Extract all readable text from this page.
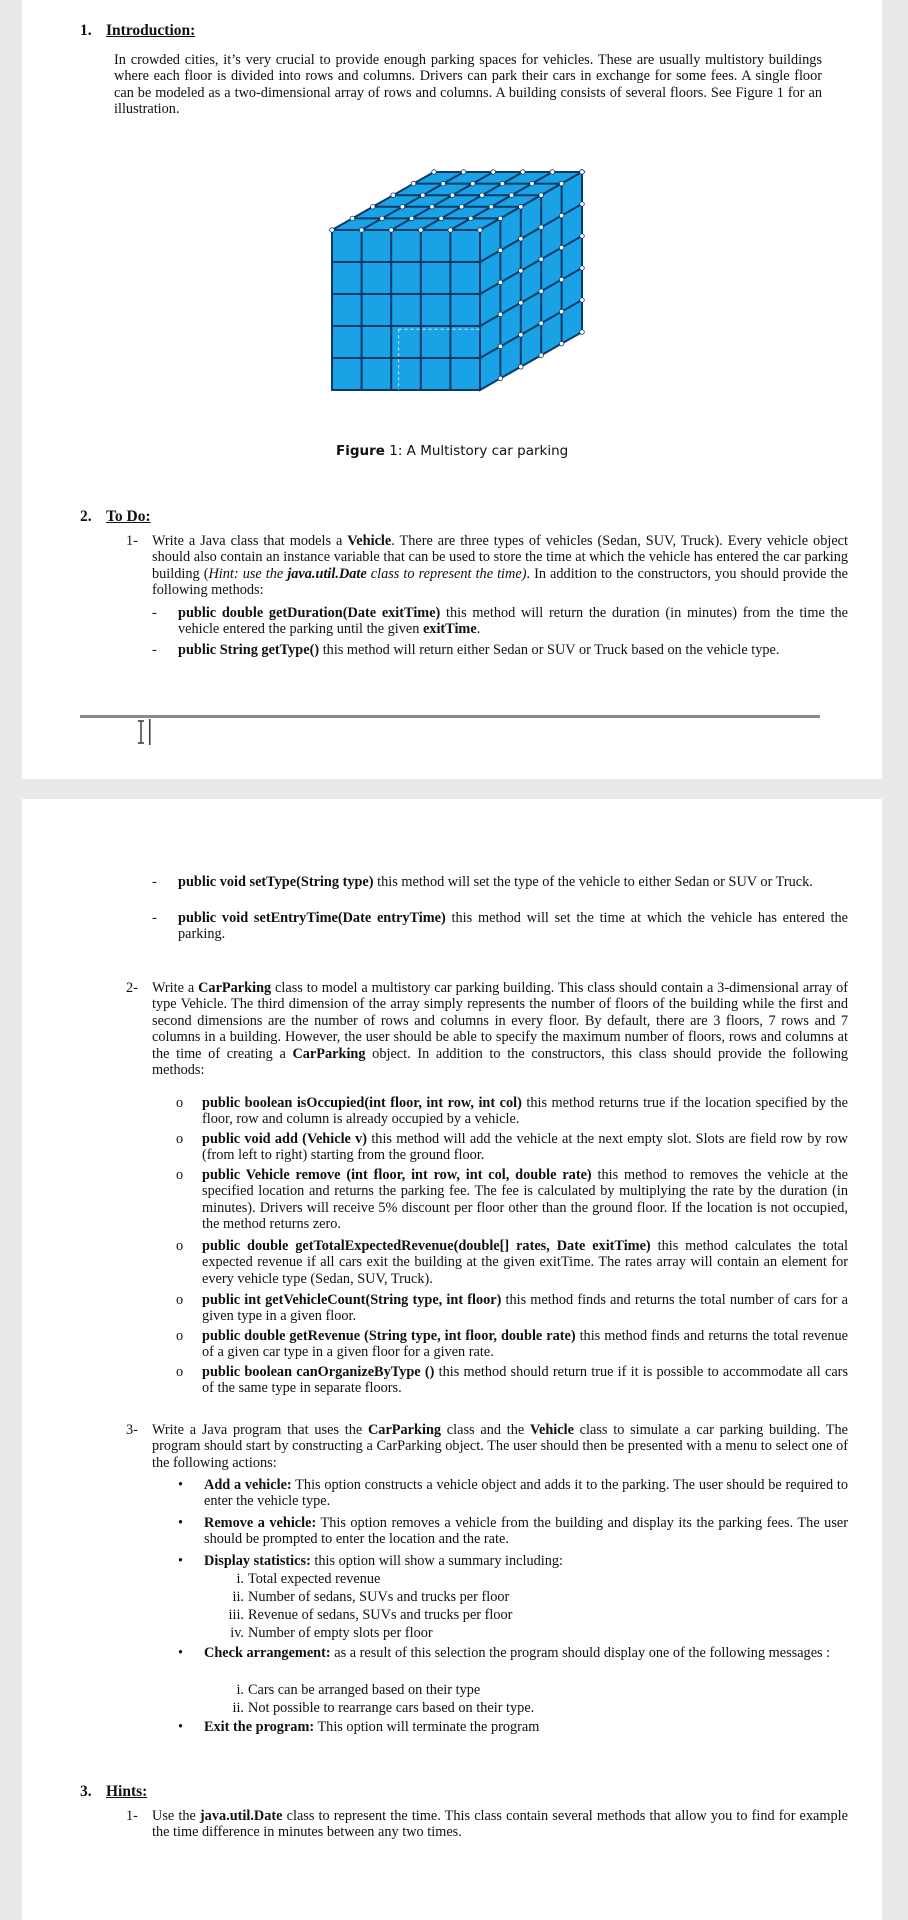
1. Introduction:
In crowded cities, it’s very crucial to provide enough parking spaces for vehicles. These are usually multistory buildings where each floor is divided into rows and columns. Drivers can park their cars in exchange for some fees. A single floor can be modeled as a two-dimensional array of rows and columns. A building consists of several floors. See Figure 1 for an illustration.
Figure 1: A Multistory car parking
2. To Do:
1- Write a Java class that models a Vehicle. There are three types of vehicles (Sedan, SUV, Truck). Every vehicle object should also contain an instance variable that can be used to store the time at which the vehicle has entered the car parking building (Hint: use the java.util.Date class to represent the time). In addition to the constructors, you should provide the following methods:
- public double getDuration(Date exitTime) this method will return the duration (in minutes) from the time the vehicle entered the parking until the given exitTime.
- public String getType() this method will return either Sedan or SUV or Truck based on the vehicle type.
- public void setType(String type) this method will set the type of the vehicle to either Sedan or SUV or Truck.
- public void setEntryTime(Date entryTime) this method will set the time at which the vehicle has entered the parking.
2- Write a CarParking class to model a multistory car parking building. This class should contain a 3-dimensional array of type Vehicle. The third dimension of the array simply represents the number of floors of the building while the first and second dimensions are the number of rows and columns in every floor. By default, there are 3 floors, 7 rows and 7 columns in a building. However, the user should be able to specify the maximum number of floors, rows and columns at the time of creating a CarParking object. In addition to the constructors, this class should provide the following methods:
o public boolean isOccupied(int floor, int row, int col) this method returns true if the location specified by the floor, row and column is already occupied by a vehicle.
o public void add (Vehicle v) this method will add the vehicle at the next empty slot. Slots are field row by row (from left to right) starting from the ground floor.
o public Vehicle remove (int floor, int row, int col, double rate) this method to removes the vehicle at the specified location and returns the parking fee. The fee is calculated by multiplying the rate by the duration (in minutes). Drivers will receive 5% discount per floor other than the ground floor. If the location is not occupied, the method returns zero.
o public double getTotalExpectedRevenue(double[] rates, Date exitTime) this method calculates the total expected revenue if all cars exit the building at the given exitTime. The rates array will contain an element for every vehicle type (Sedan, SUV, Truck).
o public int getVehicleCount(String type, int floor) this method finds and returns the total number of cars for a given type in a given floor.
o public double getRevenue (String type, int floor, double rate) this method finds and returns the total revenue of a given car type in a given floor for a given rate.
o public boolean canOrganizeByType () this method should return true if it is possible to accommodate all cars of the same type in separate floors.
3- Write a Java program that uses the CarParking class and the Vehicle class to simulate a car parking building. The program should start by constructing a CarParking object. The user should then be presented with a menu to select one of the following actions:
• Add a vehicle: This option constructs a vehicle object and adds it to the parking. The user should be required to enter the vehicle type.
• Remove a vehicle: This option removes a vehicle from the building and display its the parking fees. The user should be prompted to enter the location and the rate.
• Display statistics: this option will show a summary including:
i. Total expected revenue
ii. Number of sedans, SUVs and trucks per floor
iii. Revenue of sedans, SUVs and trucks per floor
iv. Number of empty slots per floor
• Check arrangement: as a result of this selection the program should display one of the following messages :
i. Cars can be arranged based on their type
ii. Not possible to rearrange cars based on their type.
• Exit the program: This option will terminate the program
3. Hints:
1- Use the java.util.Date class to represent the time. This class contain several methods that allow you to find for example the time difference in minutes between any two times.
